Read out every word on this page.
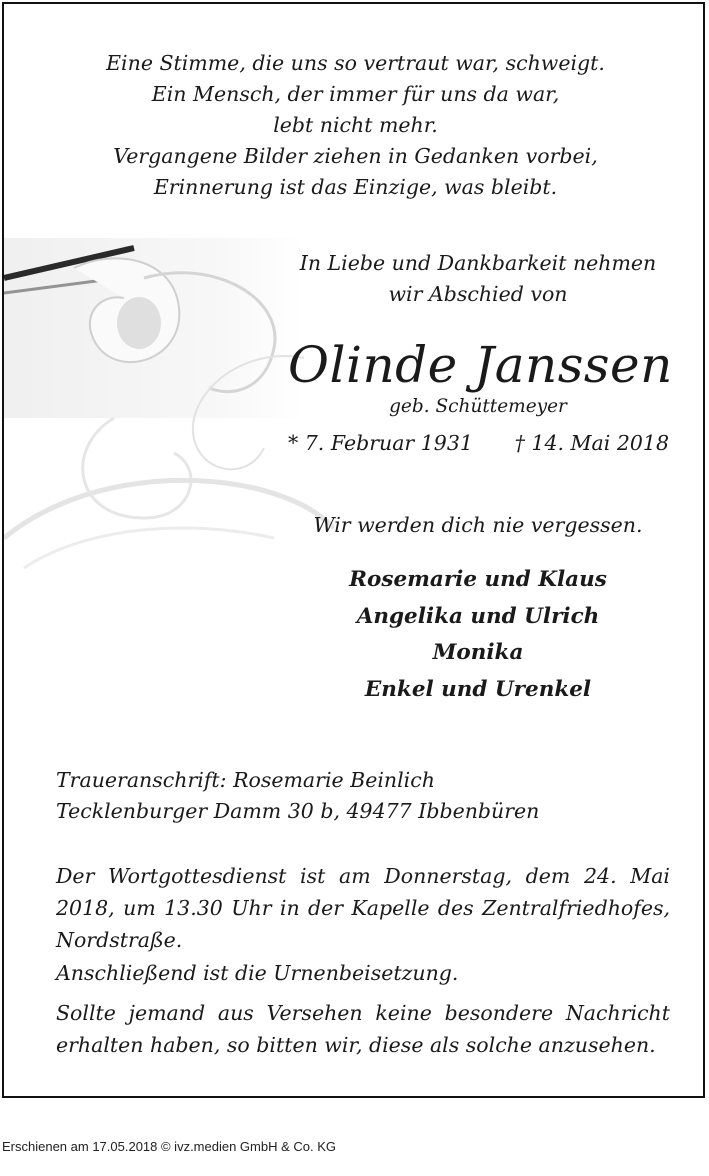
Eine Stimme, die uns so vertraut war, schweigt.
Ein Mensch, der immer für uns da war,
lebt nicht mehr.
Vergangene Bilder ziehen in Gedanken vorbei,
Erinnerung ist das Einzige, was bleibt.
In Liebe und Dankbarkeit nehmen
wir Abschied von
Olinde Janssen
geb. Schüttemeyer
* 7. Februar 1931 † 14. Mai 2018
Wir werden dich nie vergessen.
Rosemarie und Klaus
Angelika und Ulrich
Monika
Enkel und Urenkel
Traueranschrift: Rosemarie Beinlich
Tecklenburger Damm 30 b, 49477 Ibbenbüren
Der Wortgottesdienst ist am Donnerstag, dem 24. Mai
2018, um 13.30 Uhr in der Kapelle des Zentralfriedhofes,
Nordstraße.
Anschließend ist die Urnenbeisetzung.
Sollte jemand aus Versehen keine besondere Nachricht
erhalten haben, so bitten wir, diese als solche anzusehen.
Erschienen am 17.05.2018 © ivz.medien GmbH & Co. KG
